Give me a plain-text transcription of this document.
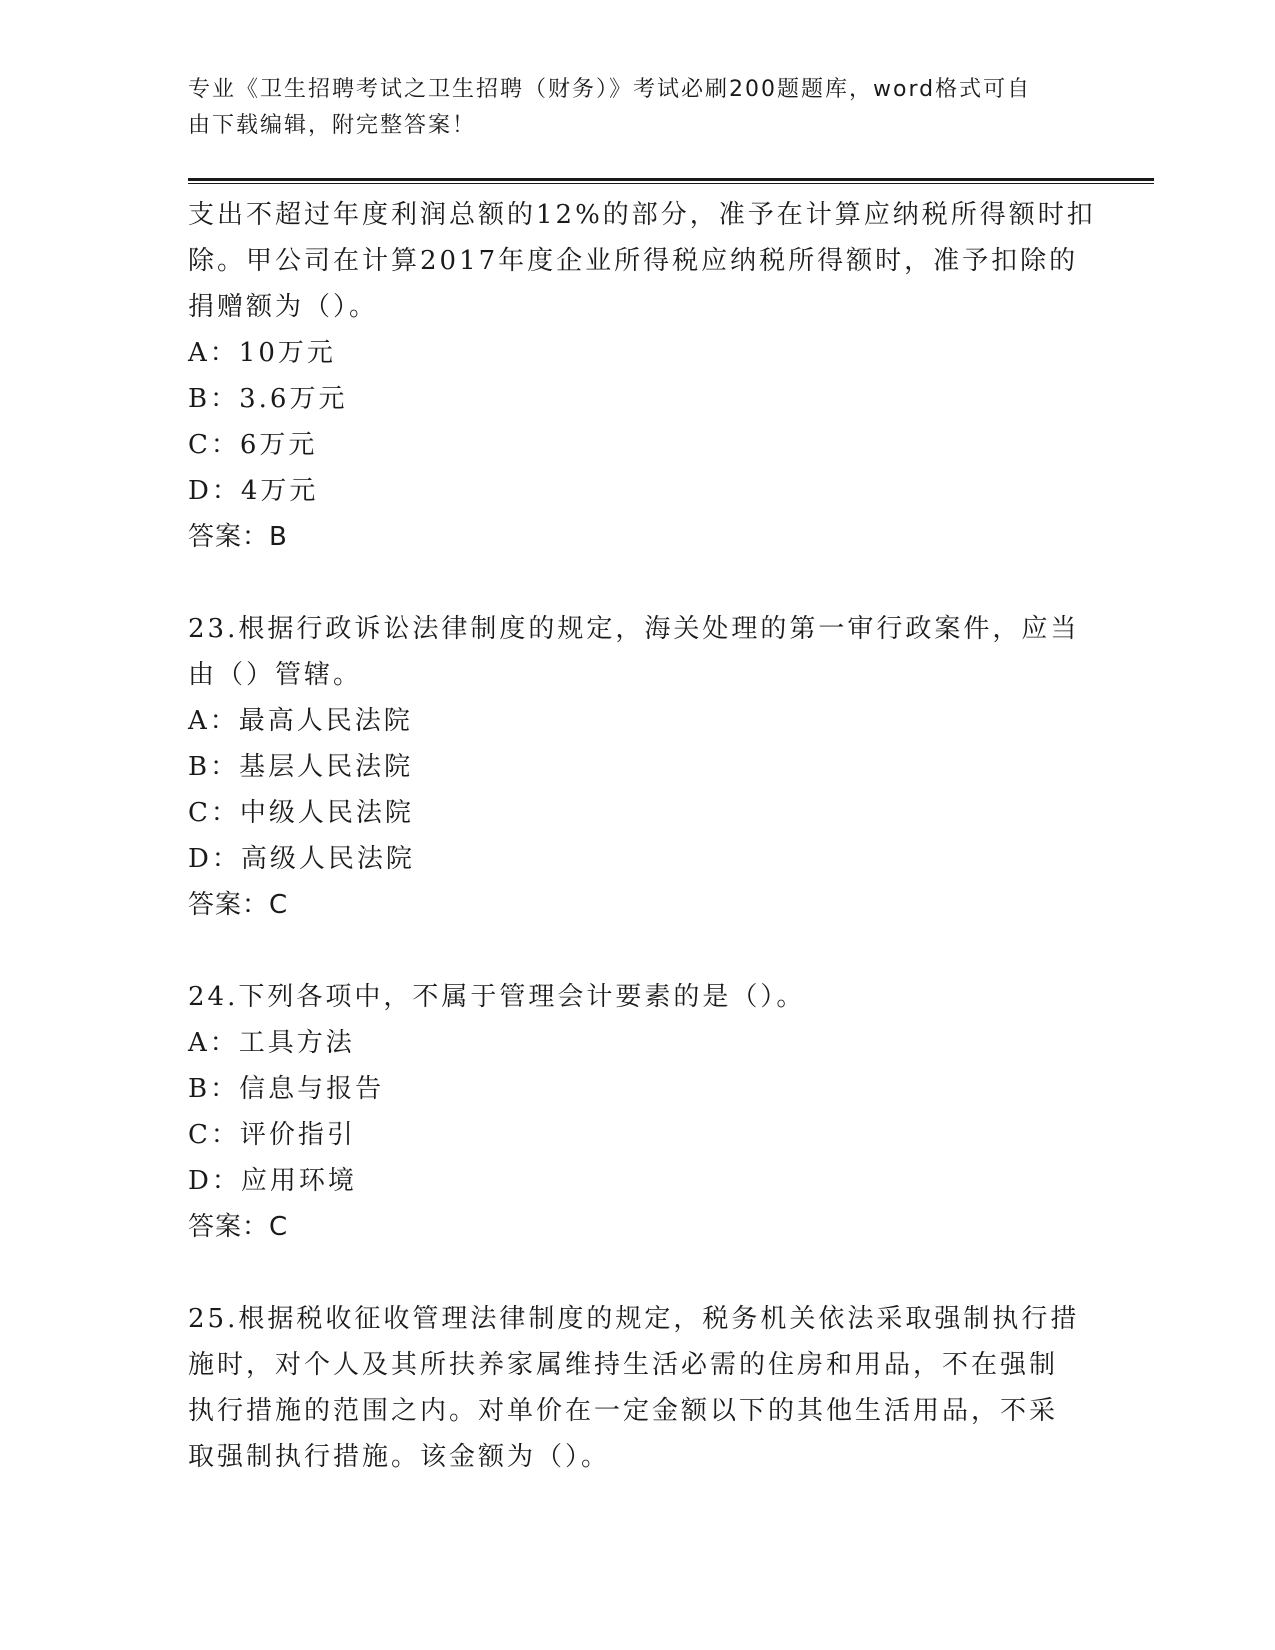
专业《卫生招聘考试之卫生招聘（财务）》考试必刷200题题库，word格式可自
由下载编辑，附完整答案！
支出不超过年度利润总额的12%的部分，准予在计算应纳税所得额时扣
除。甲公司在计算2017年度企业所得税应纳税所得额时，准予扣除的
捐赠额为（）。
A：10万元
B：3.6万元
C：6万元
D：4万元
答案：B
23.根据行政诉讼法律制度的规定，海关处理的第一审行政案件，应当
由（）管辖。
A：最高人民法院
B：基层人民法院
C：中级人民法院
D：高级人民法院
答案：C
24.下列各项中，不属于管理会计要素的是（）。
A：工具方法
B：信息与报告
C：评价指引
D：应用环境
答案：C
25.根据税收征收管理法律制度的规定，税务机关依法采取强制执行措
施时，对个人及其所扶养家属维持生活必需的住房和用品，不在强制
执行措施的范围之内。对单价在一定金额以下的其他生活用品，不采
取强制执行措施。该金额为（）。
